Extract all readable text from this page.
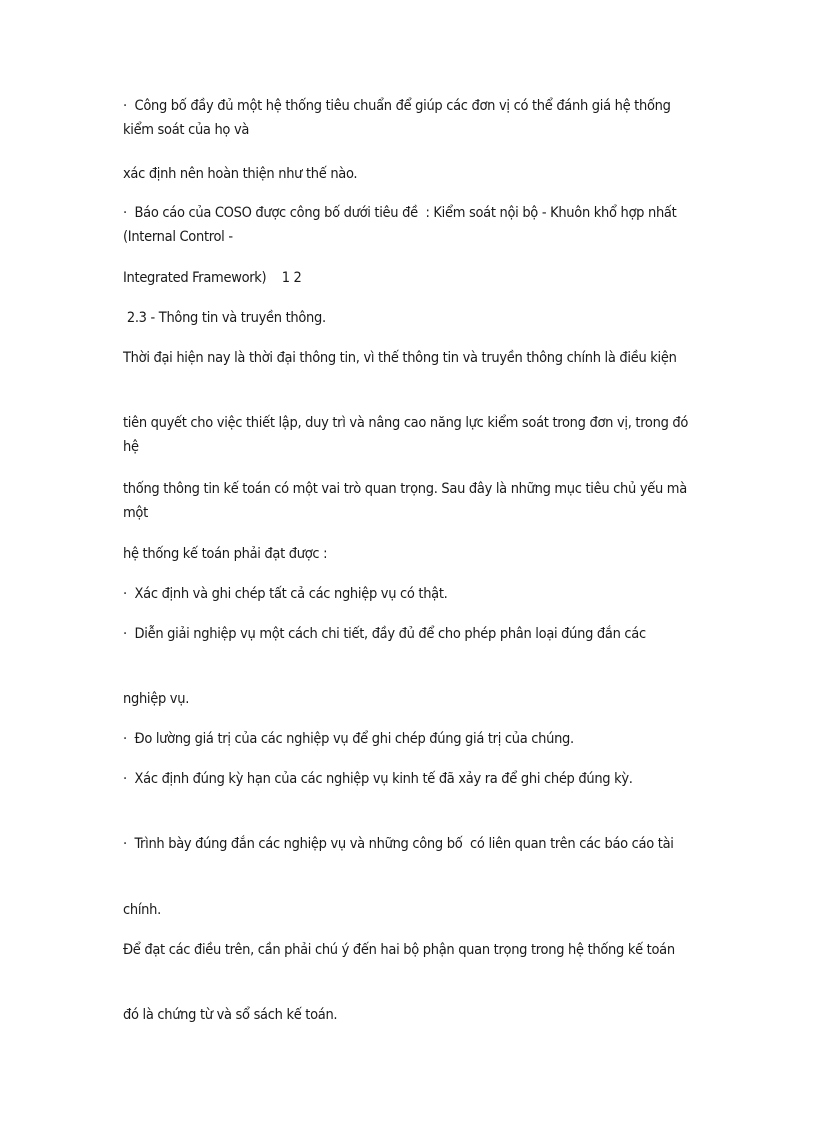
·  Công bố đầy đủ một hệ thống tiêu chuẩn để giúp các đơn vị có thể đánh giá hệ thống kiểm soát của họ và

xác định nên hoàn thiện như thế nào.

·  Báo cáo của COSO được công bố dưới tiêu đề  : Kiểm soát nội bộ - Khuôn khổ hợp nhất (Internal Control -

Integrated Framework)    1 2

2.3 - Thông tin và truyền thông.

Thời đại hiện nay là thời đại thông tin, vì thế thông tin và truyền thông chính là điều kiện

tiên quyết cho việc thiết lập, duy trì và nâng cao năng lực kiểm soát trong đơn vị, trong đó hệ

thống thông tin kế toán có một vai trò quan trọng. Sau đây là những mục tiêu chủ yếu mà một

hệ thống kế toán phải đạt được :

·  Xác định và ghi chép tất cả các nghiệp vụ có thật.

·  Diễn giải nghiệp vụ một cách chi tiết, đầy đủ để cho phép phân loại đúng đắn các

nghiệp vụ.

·  Đo lường giá trị của các nghiệp vụ để ghi chép đúng giá trị của chúng.

·  Xác định đúng kỳ hạn của các nghiệp vụ kinh tế đã xảy ra để ghi chép đúng kỳ.

·  Trình bày đúng đắn các nghiệp vụ và những công bố  có liên quan trên các báo cáo tài

chính.

Để đạt các điều trên, cần phải chú ý đến hai bộ phận quan trọng trong hệ thống kế toán

đó là chứng từ và sổ sách kế toán.
